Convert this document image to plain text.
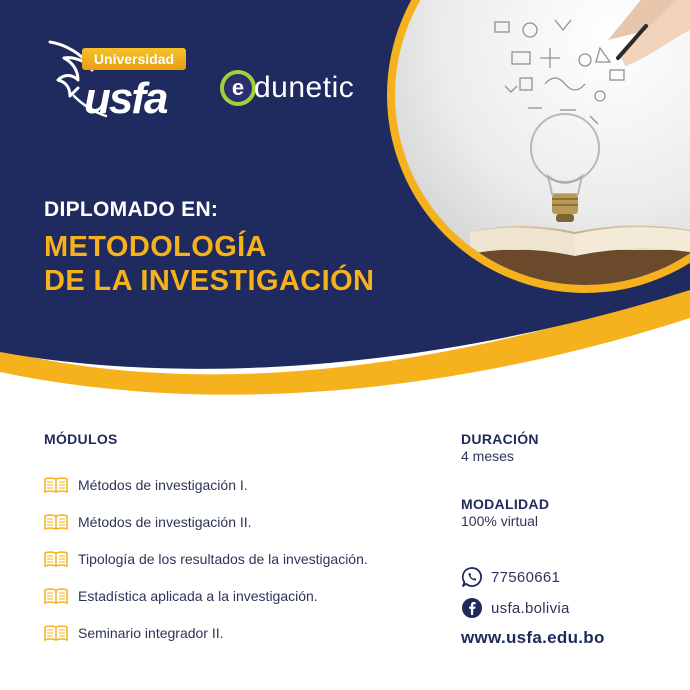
Universidad
usfa	e dunetic
DIPLOMADO EN:
METODOLOGÍA
DE LA INVESTIGACIÓN
MÓDULOS
Métodos de investigación I.
Métodos de investigación II.
Tipología de los resultados de la investigación.
Estadística aplicada a la investigación.
Seminario integrador II.
DURACIÓN
4 meses
MODALIDAD
100% virtual
77560661
usfa.bolivia
www.usfa.edu.bo
